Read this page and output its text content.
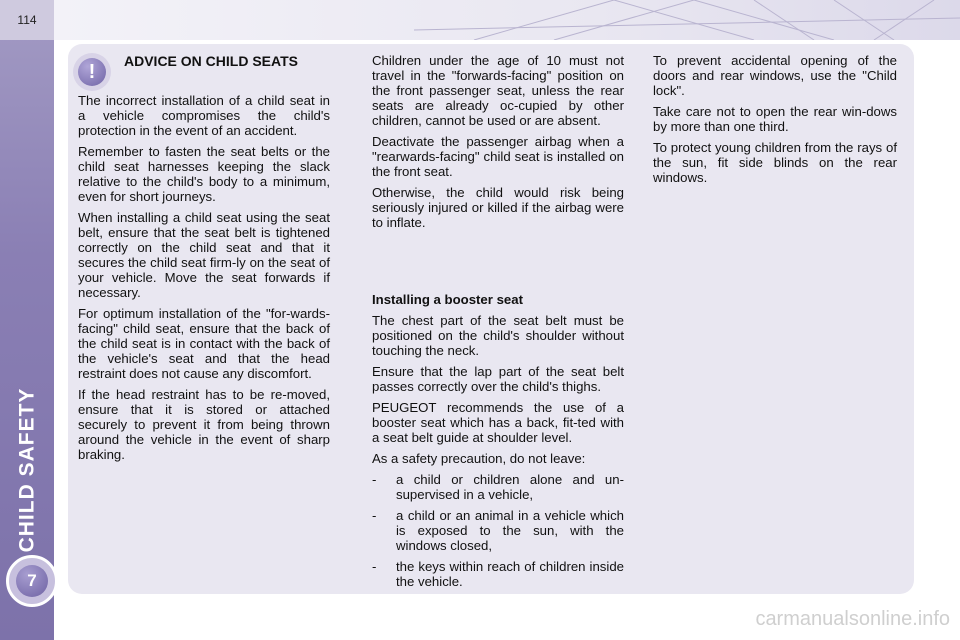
114
CHILD SAFETY
7
!	ADVICE ON CHILD SEATS

The incorrect installation of a child seat in a vehicle compromises the child's protection in the event of an accident.

Remember to fasten the seat belts or the child seat harnesses keeping the slack relative to the child's body to a minimum, even for short journeys.

When installing a child seat using the seat belt, ensure that the seat belt is tightened correctly on the child seat and that it secures the child seat firm-ly on the seat of your vehicle. Move the seat forwards if necessary.

For optimum installation of the "for-wards-facing" child seat, ensure that the back of the child seat is in contact with the back of the vehicle's seat and that the head restraint does not cause any discomfort.

If the head restraint has to be re-moved, ensure that it is stored or attached securely to prevent it from being thrown around the vehicle in the event of sharp braking.

Children under the age of 10 must not travel in the "forwards-facing" position on the front passenger seat, unless the rear seats are already oc-cupied by other children, cannot be used or are absent.

Deactivate the passenger airbag when a "rearwards-facing" child seat is installed on the front seat.

Otherwise, the child would risk being seriously injured or killed if the airbag were to inflate.

Installing a booster seat

The chest part of the seat belt must be positioned on the child's shoulder without touching the neck.

Ensure that the lap part of the seat belt passes correctly over the child's thighs.

PEUGEOT recommends the use of a booster seat which has a back, fit-ted with a seat belt guide at shoulder level.

As a safety precaution, do not leave:

- a child or children alone and un-supervised in a vehicle,
- a child or an animal in a vehicle which is exposed to the sun, with the windows closed,
- the keys within reach of children inside the vehicle.

To prevent accidental opening of the doors and rear windows, use the "Child lock".

Take care not to open the rear win-dows by more than one third.

To protect young children from the rays of the sun, fit side blinds on the rear windows.

carmanualsonline.info
